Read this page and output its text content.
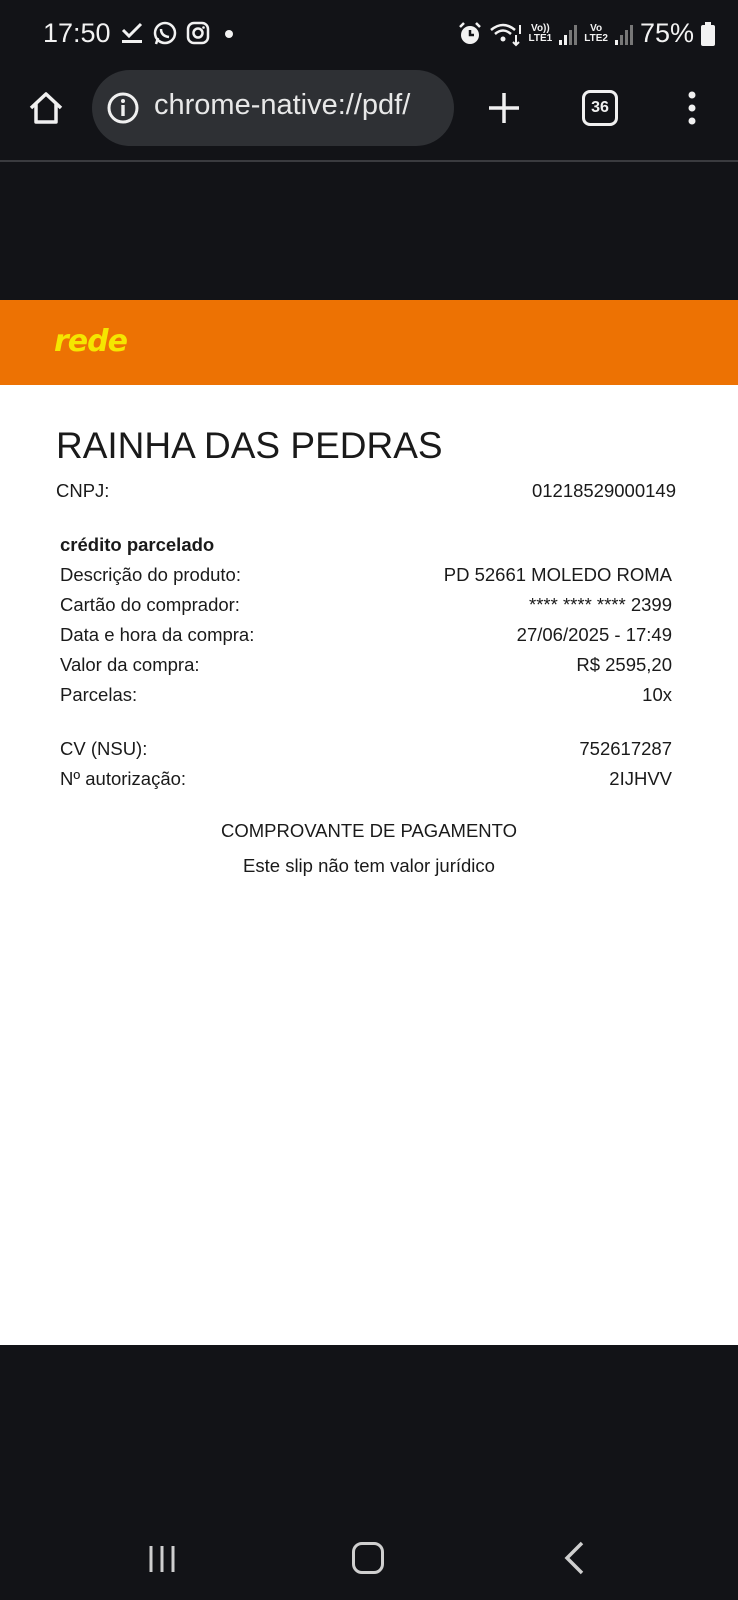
17:50	Vo))
LTE1
Vo
LTE2 75%
chrome-native://pdf/	36
rede
RAINHA DAS PEDRAS
CNPJ:	01218529000149
crédito parcelado
Descrição do produto:	PD 52661 MOLEDO ROMA
Cartão do comprador:	**** **** **** 2399
Data e hora da compra:	27/06/2025 - 17:49
Valor da compra:	R$ 2595,20
Parcelas:	10x
CV (NSU):	752617287
Nº autorização:	2IJHVV
COMPROVANTE DE PAGAMENTO
Este slip não tem valor jurídico
